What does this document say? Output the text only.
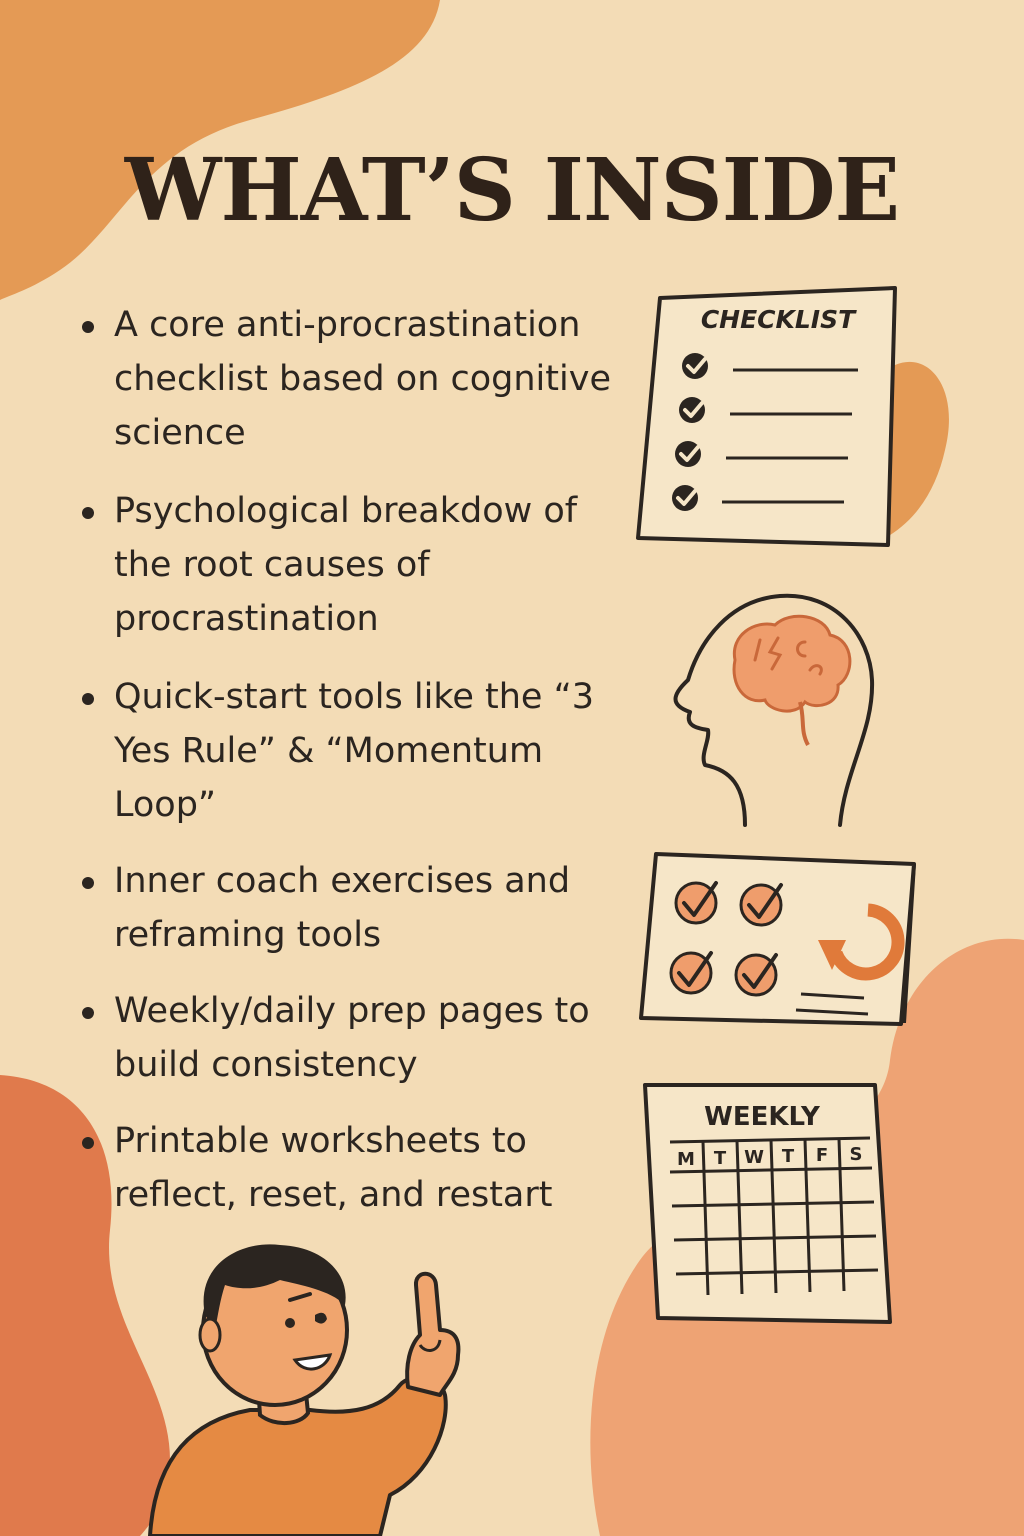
WHAT’S INSIDE
A core anti-procrastination checklist based on cognitive science
Psychological breakdow of the root causes of procrastination
Quick-start tools like the “3 Yes Rule” & “Momentum Loop”
Inner coach exercises and reframing tools
Weekly/daily prep pages to build consistency
Printable worksheets to reflect, reset, and restart
CHECKLIST
WEEKLY
M T W T F S
